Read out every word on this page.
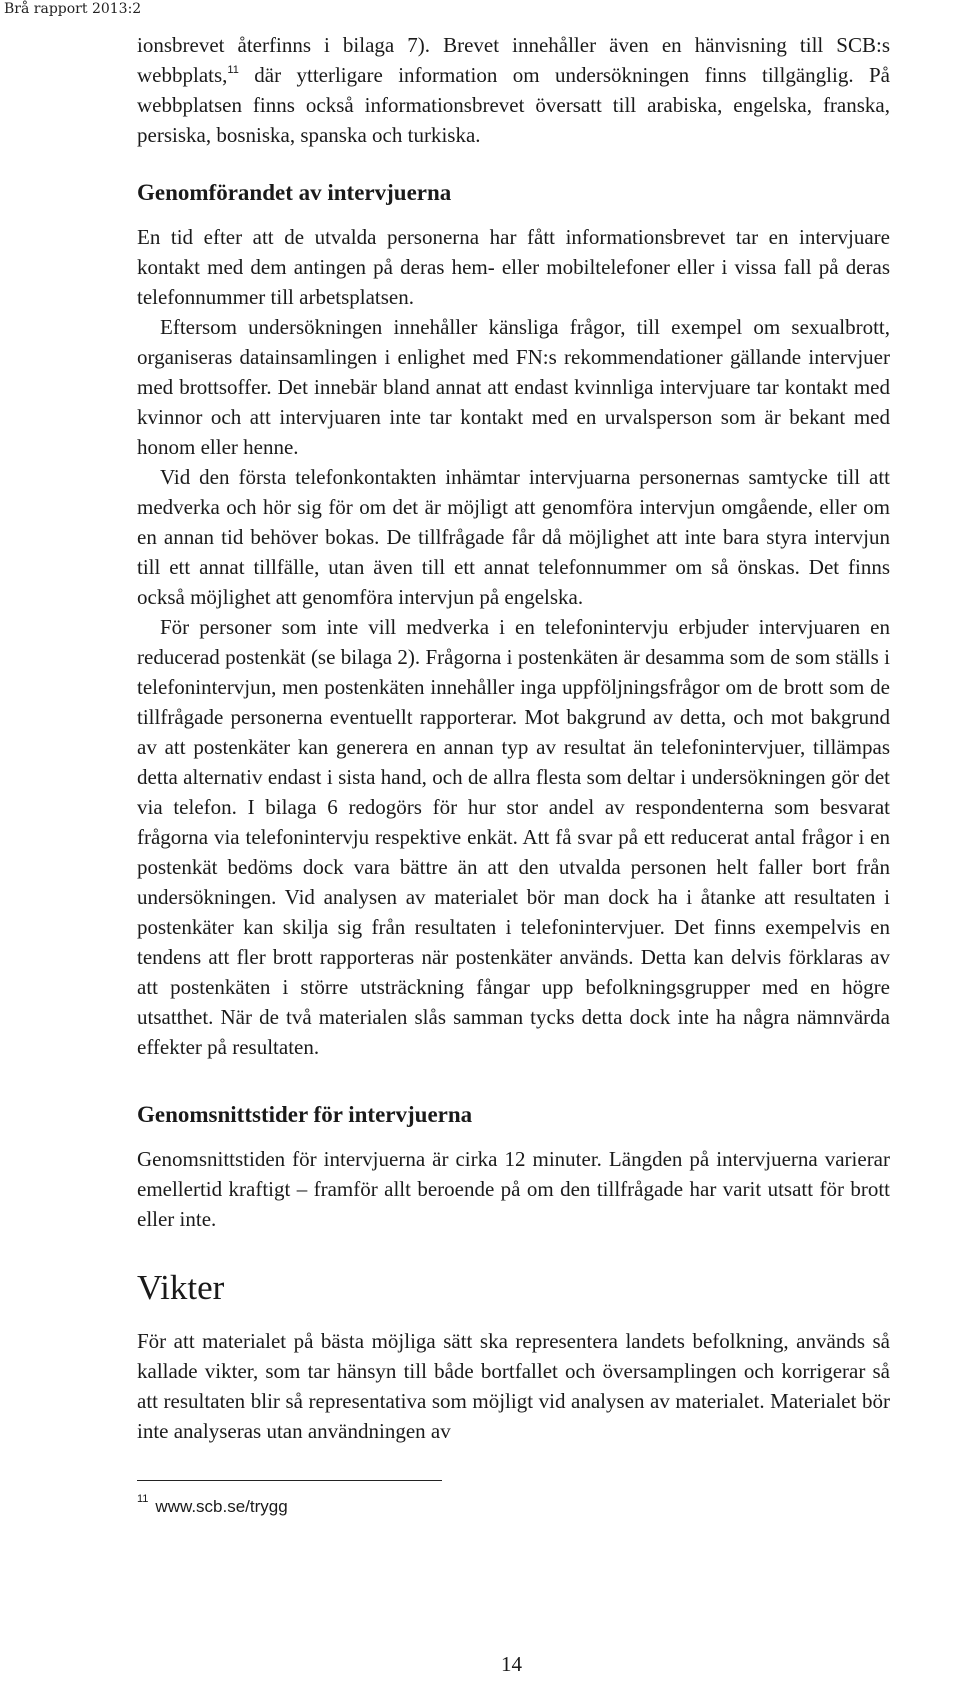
Brå rapport 2013:2

ionsbrevet återfinns i bilaga 7). Brevet innehåller även en hänvisning till SCB:s webbplats,$^{11}$ där ytterligare information om undersökningen finns tillgänglig. På webbplatsen finns också informationsbrevet översatt till arabiska, engelska, franska, persiska, bosniska, spanska och turkiska.

Genomförandet av intervjuerna

En tid efter att de utvalda personerna har fått informationsbrevet tar en intervjuare kontakt med dem antingen på deras hem- eller mobiltelefoner eller i vissa fall på deras telefonnummer till arbetsplatsen.

Eftersom undersökningen innehåller känsliga frågor, till exempel om sexualbrott, organiseras datainsamlingen i enlighet med FN:s rekommendationer gällande intervjuer med brottsoffer. Det innebär bland annat att endast kvinnliga intervjuare tar kontakt med kvinnor och att intervjuaren inte tar kontakt med en urvalsperson som är bekant med honom eller henne.

Vid den första telefonkontakten inhämtar intervjuarna personernas samtycke till att medverka och hör sig för om det är möjligt att genomföra intervjun omgående, eller om en annan tid behöver bokas. De tillfrågade får då möjlighet att inte bara styra intervjun till ett annat tillfälle, utan även till ett annat telefonnummer om så önskas. Det finns också möjlighet att genomföra intervjun på engelska.

För personer som inte vill medverka i en telefonintervju erbjuder intervjuaren en reducerad postenkät (se bilaga 2). Frågorna i postenkäten är desamma som de som ställs i telefonintervjun, men postenkäten innehåller inga uppföljningsfrågor om de brott som de tillfrågade personerna eventuellt rapporterar. Mot bakgrund av detta, och mot bakgrund av att postenkäter kan generera en annan typ av resultat än telefonintervjuer, tillämpas detta alternativ endast i sista hand, och de allra flesta som deltar i undersökningen gör det via telefon. I bilaga 6 redogörs för hur stor andel av respondenterna som besvarat frågorna via telefonintervju respektive enkät. Att få svar på ett reducerat antal frågor i en postenkät bedöms dock vara bättre än att den utvalda personen helt faller bort från undersökningen. Vid analysen av materialet bör man dock ha i åtanke att resultaten i postenkäter kan skilja sig från resultaten i telefonintervjuer. Det finns exempelvis en tendens att fler brott rapporteras när postenkäter används. Detta kan delvis förklaras av att postenkäten i större utsträckning fångar upp befolkningsgrupper med en högre utsatthet. När de två materialen slås samman tycks detta dock inte ha några nämnvärda effekter på resultaten.

Genomsnittstider för intervjuerna

Genomsnittstiden för intervjuerna är cirka 12 minuter. Längden på intervjuerna varierar emellertid kraftigt – framför allt beroende på om den tillfrågade har varit utsatt för brott eller inte.

Vikter

För att materialet på bästa möjliga sätt ska representera landets befolkning, används så kallade vikter, som tar hänsyn till både bortfallet och översamplingen och korrigerar så att resultaten blir så representativa som möjligt vid analysen av materialet. Materialet bör inte analyseras utan användningen av

$^{11}$ www.scb.se/trygg
14
